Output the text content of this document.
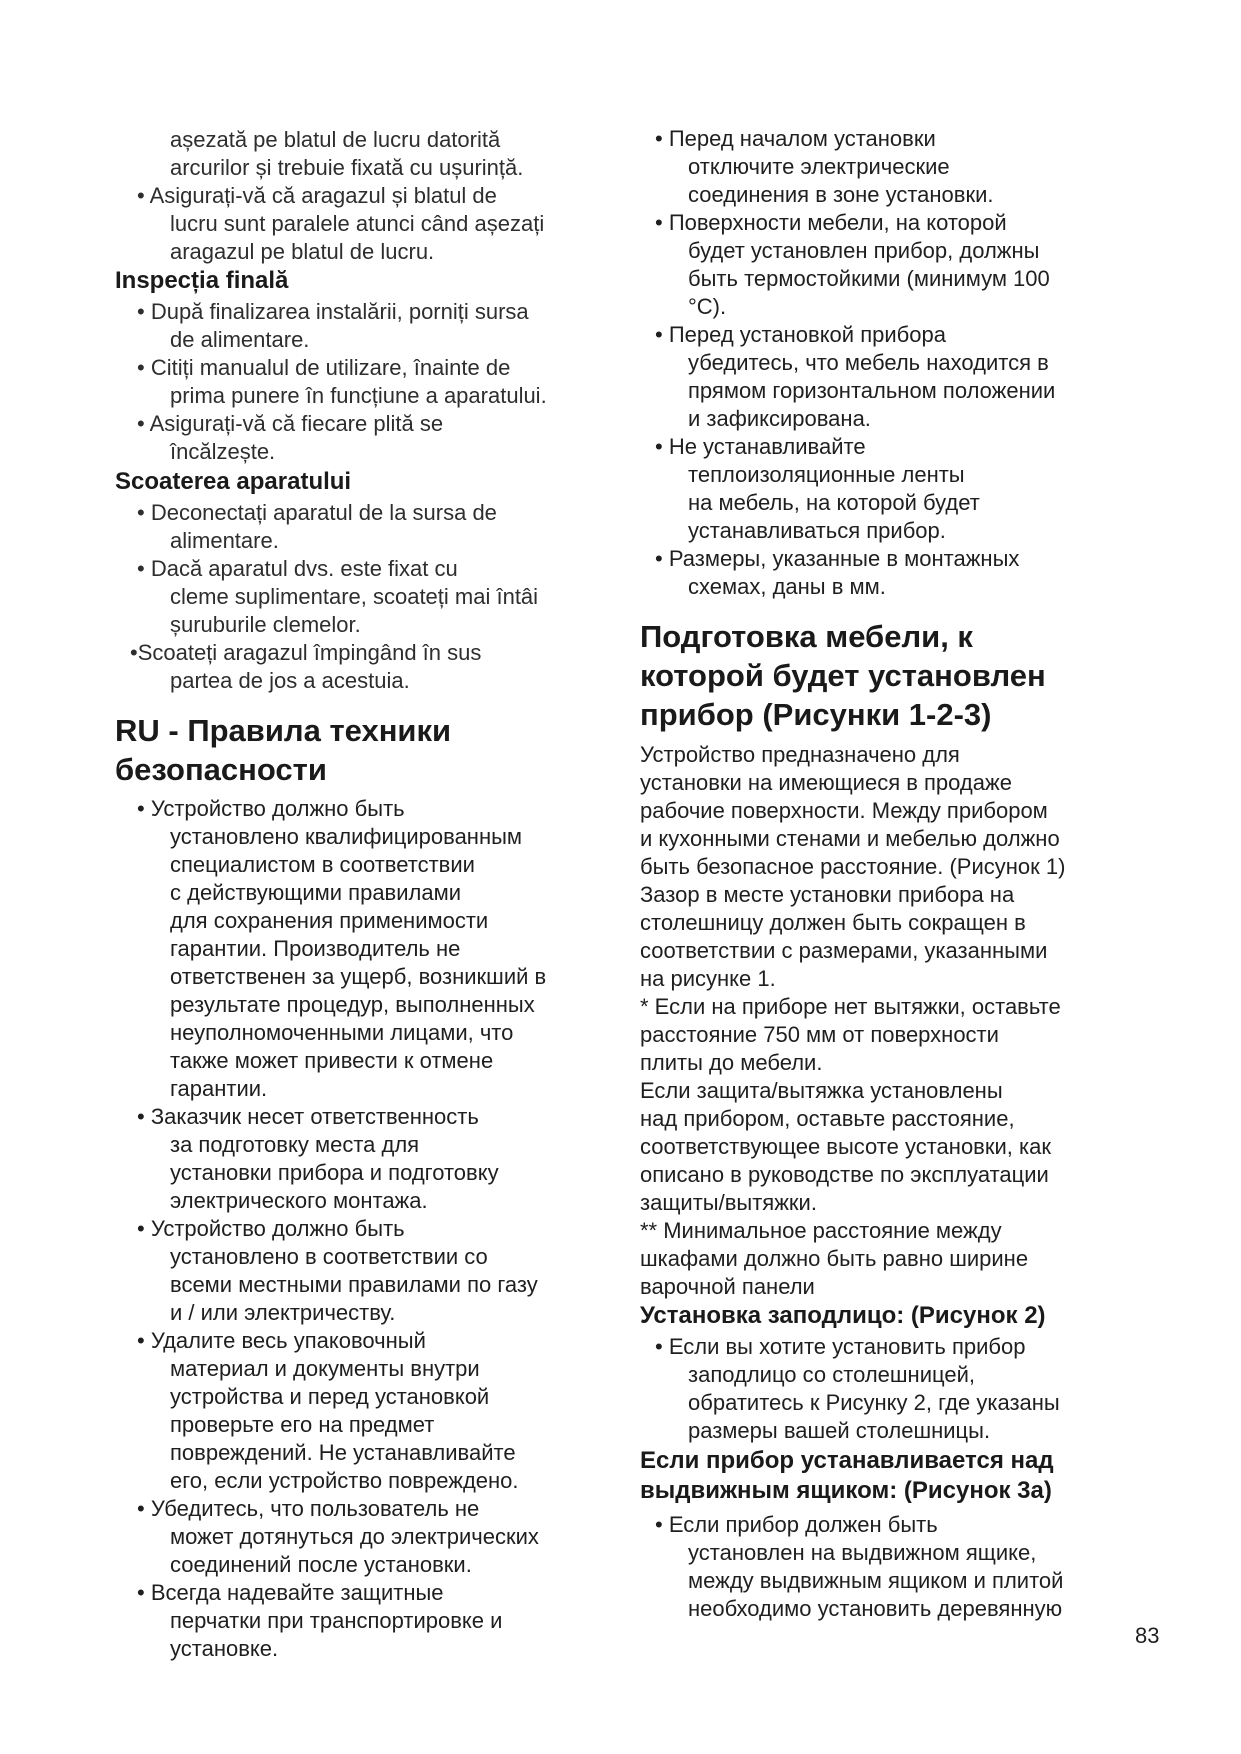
așezată pe blatul de lucru datorită
arcurilor și trebuie fixată cu ușurință.
• Asigurați-vă că aragazul și blatul de
lucru sunt paralele atunci când așezați
aragazul pe blatul de lucru.
Inspecția finală
• După finalizarea instalării, porniți sursa
de alimentare.
• Citiți manualul de utilizare, înainte de
prima punere în funcțiune a aparatului.
• Asigurați-vă că fiecare plită se
încălzește.
Scoaterea aparatului
• Deconectați aparatul de la sursa de
alimentare.
• Dacă aparatul dvs. este fixat cu
cleme suplimentare, scoateți mai întâi
șuruburile clemelor.
•Scoateți aragazul împingând în sus
partea de jos a acestuia.
RU - Правила техники
безопасности
• Устройство должно быть
установлено квалифицированным
специалистом в соответствии
с действующими правилами
для сохранения применимости
гарантии. Производитель не
ответственен за ущерб, возникший в
результате процедур, выполненных
неуполномоченными лицами, что
также может привести к отмене
гарантии.
• Заказчик несет ответственность
за подготовку места для
установки прибора и подготовку
электрического монтажа.
• Устройство должно быть
установлено в соответствии со
всеми местными правилами по газу
и / или электричеству.
• Удалите весь упаковочный
материал и документы внутри
устройства и перед установкой
проверьте его на предмет
повреждений. Не устанавливайте
его, если устройство повреждено.
• Убедитесь, что пользователь не
может дотянуться до электрических
соединений после установки.
• Всегда надевайте защитные
перчатки при транспортировке и
установке.
• Перед началом установки
отключите электрические
соединения в зоне установки.
• Поверхности мебели, на которой
будет установлен прибор, должны
быть термостойкими (минимум 100
°С).
• Перед установкой прибора
убедитесь, что мебель находится в
прямом горизонтальном положении
и зафиксирована.
• Не устанавливайте
теплоизоляционные ленты
на мебель, на которой будет
устанавливаться прибор.
• Размеры, указанные в монтажных
схемах, даны в мм.
Подготовка мебели, к
которой будет установлен
прибор (Рисунки 1-2-3)
Устройство предназначено для
установки на имеющиеся в продаже
рабочие поверхности. Между прибором
и кухонными стенами и мебелью должно
быть безопасное расстояние. (Рисунок 1)
Зазор в месте установки прибора на
столешницу должен быть сокращен в
соответствии с размерами, указанными
на рисунке 1.
* Если на приборе нет вытяжки, оставьте
расстояние 750 мм от поверхности
плиты до мебели.
Если защита/вытяжка установлены
над прибором, оставьте расстояние,
соответствующее высоте установки, как
описано в руководстве по эксплуатации
защиты/вытяжки.
** Минимальное расстояние между
шкафами должно быть равно ширине
варочной панели
Установка заподлицо: (Рисунок 2)
• Если вы хотите установить прибор
заподлицо со столешницей,
обратитесь к Рисунку 2, где указаны
размеры вашей столешницы.
Если прибор устанавливается над
выдвижным ящиком: (Рисунок 3а)
• Если прибор должен быть
установлен на выдвижном ящике,
между выдвижным ящиком и плитой
необходимо установить деревянную
83
